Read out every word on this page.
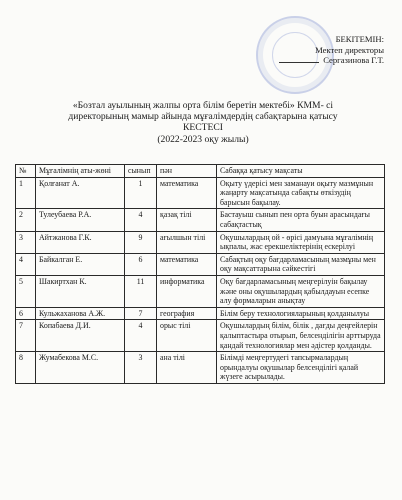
БЕКІТЕМІН:
Мектеп директоры
Сергазинова Г.Т.
«Бозтал ауылының жалпы орта білім беретін мектебі» КММ- сі
директорының мамыр айында мұғалімдердің сабақтарына қатысу
КЕСТЕСІ
(2022-2023 оқу жылы)
№	Мұғалімнің аты-жөні	сынып	пән	Сабаққа қатысу мақсаты
1	Қолғанат А.	1	математика	Оқыту үдерісі мен заманауи оқыту мазмұнын жаңарту мақсатында сабақты өткізудің барысын бақылау.
2	Тулеубаева Р.А.	4	қазақ тілі	Бастауыш сынып пен орта буын арасындағы сабақтастық
3	Айтжанова Г.К.	9	ағылшын тілі	Оқушылардың ой - өрісі дамуына мұғалімнің ықпалы, жас ерекшеліктерінің ескерілуі
4	Байкалган Е.	6	математика	Сабақтың оқу бағдарламасының мазмұны мен оқу мақсаттарына сәйкестігі
5	Шакиртхан К.	11	информатика	Оқу бағдарламасының меңгерілуін бақылау және оны оқушылардың қабылдауын есепке алу формаларын анықтау
6	Кульжаханова А.Ж.	7	география	Білім беру технологияларының қолданылуы
7	Копабаева Д.И.	4	орыс тілі	Оқушылардың білім, білік , дағды деңгейлерін қалыптастыра отырып, белсенділігін арттыруда қандай технологиялар мен әдістер қолданды.
8	Жумабекова М.С.	3	ана тілі	Білімді меңгертудегі тапсырмалардың орындалуы оқушылар белсенділігі қалай жүзеге асырылады.
